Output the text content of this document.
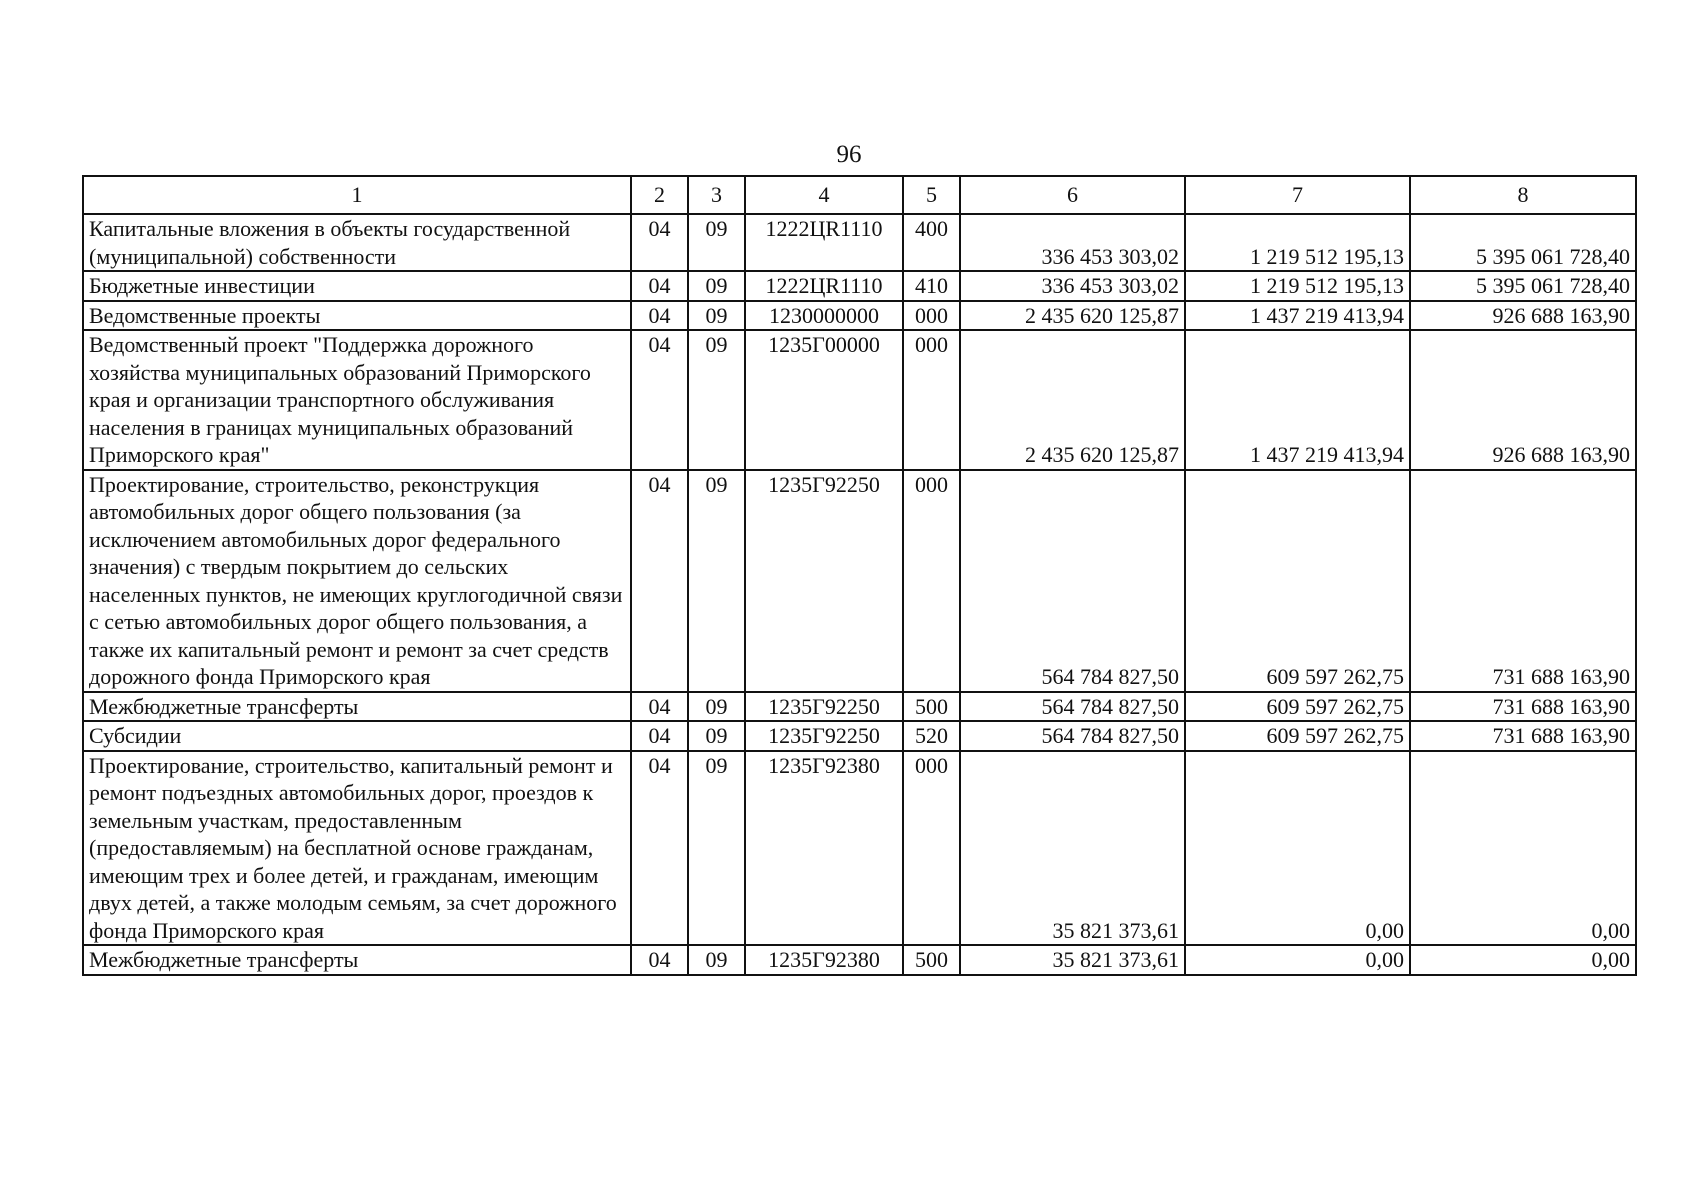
96
1	2	3	4	5	6	7	8
Капитальные вложения в объекты государственной (муниципальной) собственности	04	09	1222ЦR1110	400	336 453 303,02	1 219 512 195,13	5 395 061 728,40
Бюджетные инвестиции	04	09	1222ЦR1110	410	336 453 303,02	1 219 512 195,13	5 395 061 728,40
Ведомственные проекты	04	09	1230000000	000	2 435 620 125,87	1 437 219 413,94	926 688 163,90
Ведомственный проект "Поддержка дорожного хозяйства муниципальных образований Приморского края и организации транспортного обслуживания населения в границах муниципальных образований Приморского края"	04	09	1235Г00000	000	2 435 620 125,87	1 437 219 413,94	926 688 163,90
Проектирование, строительство, реконструкция автомобильных дорог общего пользования (за исключением автомобильных дорог федерального значения) с твердым покрытием до сельских населенных пунктов, не имеющих круглогодичной связи с сетью автомобильных дорог общего пользования, а также их капитальный ремонт и ремонт за счет средств дорожного фонда Приморского края	04	09	1235Г92250	000	564 784 827,50	609 597 262,75	731 688 163,90
Межбюджетные трансферты	04	09	1235Г92250	500	564 784 827,50	609 597 262,75	731 688 163,90
Субсидии	04	09	1235Г92250	520	564 784 827,50	609 597 262,75	731 688 163,90
Проектирование, строительство, капитальный ремонт и ремонт подъездных автомобильных дорог, проездов к земельным участкам, предоставленным (предоставляемым) на бесплатной основе гражданам, имеющим трех и более детей, и гражданам, имеющим двух детей, а также молодым семьям, за счет дорожного фонда Приморского края	04	09	1235Г92380	000	35 821 373,61	0,00	0,00
Межбюджетные трансферты	04	09	1235Г92380	500	35 821 373,61	0,00	0,00
